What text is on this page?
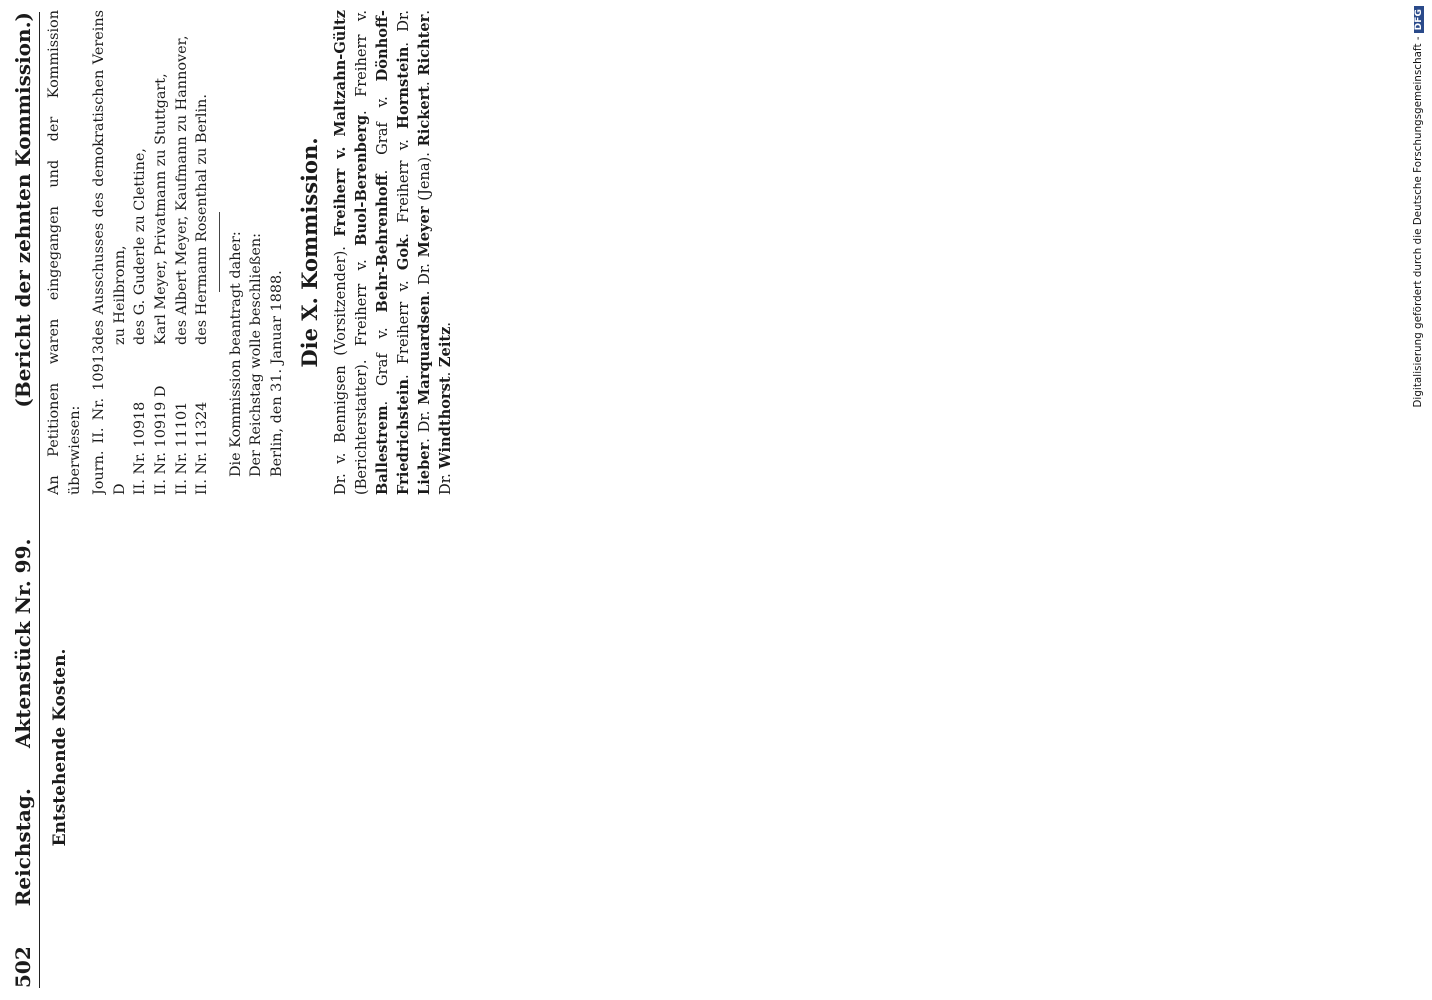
502
Reichstag.
Aktenstück Nr. 99.
(Bericht der zehnten Kommission.)
Entstehende Kosten.

An Petitionen waren eingegangen und der Kommission überwiesen: Journ. II. Nr. 10913 D
des Ausschusses des demokratischen Vereins zu Heilbronn,
II. Nr. 10918
des G. Guderle zu Clettine,
II. Nr. 10919 D
Karl Meyer, Privatmann zu Stuttgart,
II. Nr. 11101
des Albert Meyer, Kaufmann zu Hannover,
II. Nr. 11324
des Hermann Rosenthal zu Berlin.

Die Kommission beantragt daher: Der Reichstag wolle beschließen: Berlin, den 31. Januar 1888.

Die X. Kommission. Dr. v. Bennigsen (Vorsitzender). Freiherr v. Maltzahn-Gültz (Berichterstatter). Freiherr v. Buol-Berenberg. Freiherr v. Ballestrem. Graf v. Behr-Behrenhoff. Graf v. Dönhoff-Friedrichstein. Freiherr v. Gok. Freiherr v. Hornstein. Dr. Lieber. Dr. Marquardsen. Dr. Meyer (Jena). Rickert. Richter. Dr. Windthorst. Zeitz.	Digitalisierung gefördert durch die Deutsche Forschungsgemeinschaft -DFG
